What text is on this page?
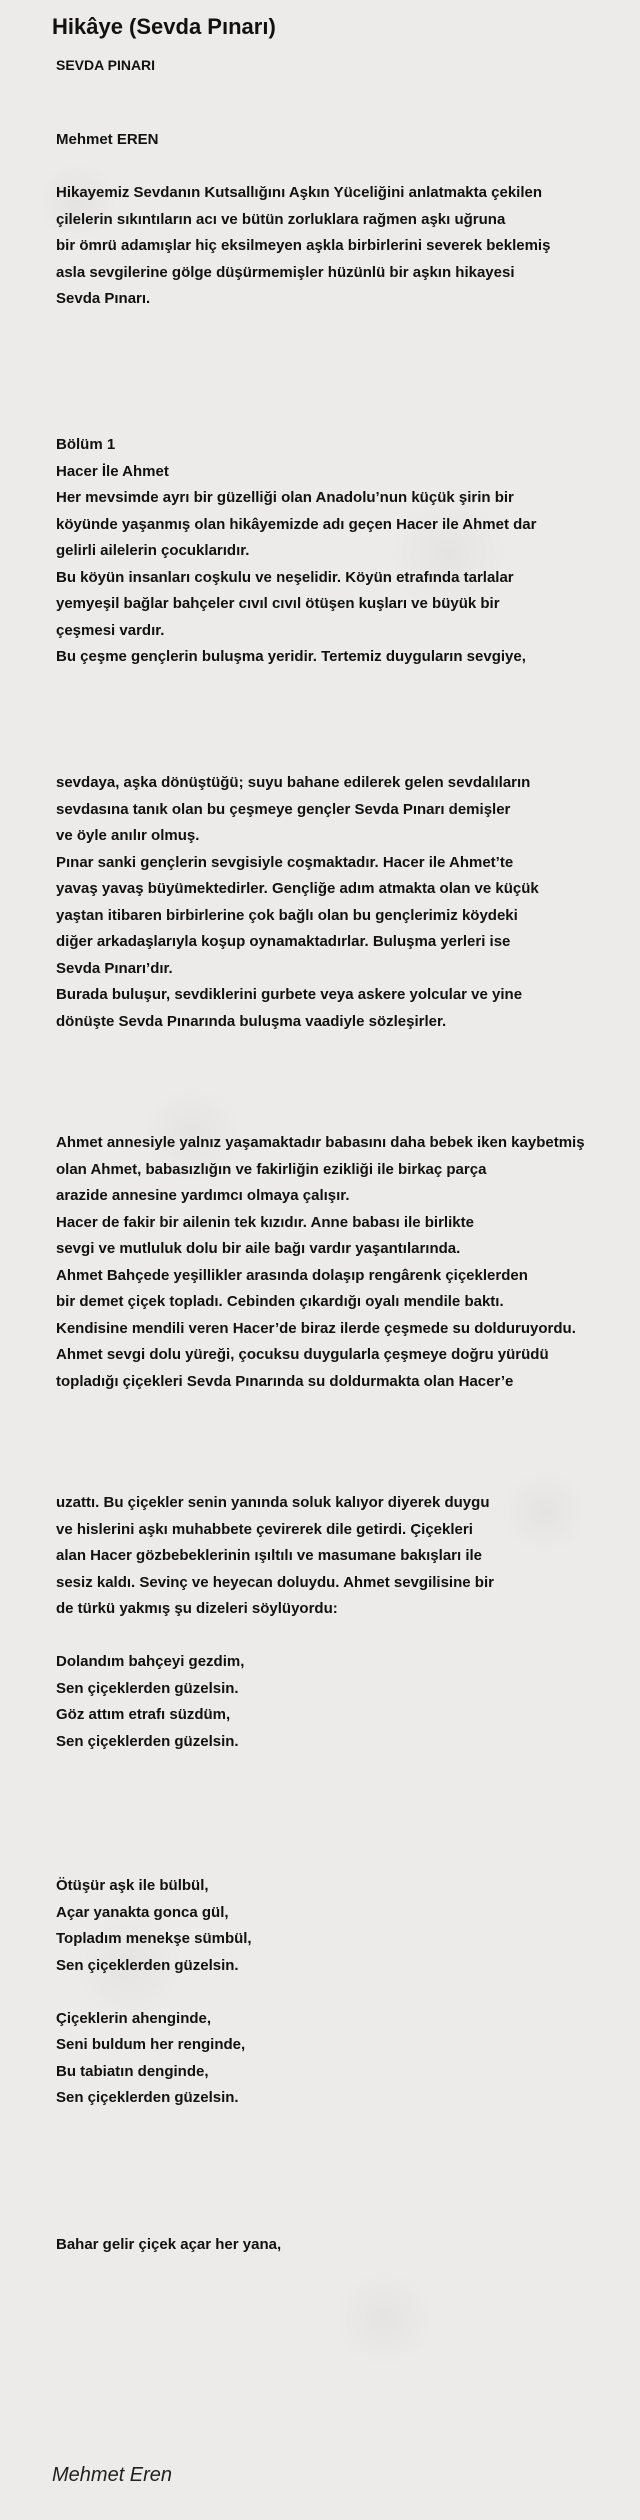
Hikâye (Sevda Pınarı)
SEVDA PINARI
Mehmet EREN
Hikayemiz Sevdanın Kutsallığını Aşkın Yüceliğini anlatmakta çekilen
çilelerin sıkıntıların acı ve bütün zorluklara rağmen aşkı uğruna
bir ömrü adamışlar hiç eksilmeyen aşkla birbirlerini severek beklemiş
asla sevgilerine gölge düşürmemişler hüzünlü bir aşkın hikayesi
Sevda Pınarı.
Bölüm 1
Hacer İle Ahmet
Her mevsimde ayrı bir güzelliği olan Anadolu’nun küçük şirin bir
köyünde yaşanmış olan hikâyemizde adı geçen Hacer ile Ahmet dar
gelirli ailelerin çocuklarıdır.
Bu köyün insanları coşkulu ve neşelidir. Köyün etrafında tarlalar
yemyeşil bağlar bahçeler cıvıl cıvıl ötüşen kuşları ve büyük bir
çeşmesi vardır.
Bu çeşme gençlerin buluşma yeridir. Tertemiz duyguların sevgiye,
sevdaya, aşka dönüştüğü; suyu bahane edilerek gelen sevdalıların
sevdasına tanık olan bu çeşmeye gençler Sevda Pınarı demişler
ve öyle anılır olmuş.
Pınar sanki gençlerin sevgisiyle coşmaktadır. Hacer ile Ahmet’te
yavaş yavaş büyümektedirler. Gençliğe adım atmakta olan ve küçük
yaştan itibaren birbirlerine çok bağlı olan bu gençlerimiz köydeki
diğer arkadaşlarıyla koşup oynamaktadırlar. Buluşma yerleri ise
Sevda Pınarı’dır.
Burada buluşur, sevdiklerini gurbete veya askere yolcular ve yine
dönüşte Sevda Pınarında buluşma vaadiyle sözleşirler.
Ahmet annesiyle yalnız yaşamaktadır babasını daha bebek iken kaybetmiş
olan Ahmet, babasızlığın ve fakirliğin ezikliği ile birkaç parça
arazide annesine yardımcı olmaya çalışır.
Hacer de fakir bir ailenin tek kızıdır. Anne babası ile birlikte
sevgi ve mutluluk dolu bir aile bağı vardır yaşantılarında.
Ahmet Bahçede yeşillikler arasında dolaşıp rengârenk çiçeklerden
bir demet çiçek topladı. Cebinden çıkardığı oyalı mendile baktı.
Kendisine mendili veren Hacer’de biraz ilerde çeşmede su dolduruyordu.
Ahmet sevgi dolu yüreği, çocuksu duygularla çeşmeye doğru yürüdü
topladığı çiçekleri Sevda Pınarında su doldurmakta olan Hacer’e
uzattı. Bu çiçekler senin yanında soluk kalıyor diyerek duygu
ve hislerini aşkı muhabbete çevirerek dile getirdi. Çiçekleri
alan Hacer gözbebeklerinin ışıltılı ve masumane bakışları ile
sesiz kaldı. Sevinç ve heyecan doluydu. Ahmet sevgilisine bir
de türkü yakmış şu dizeleri söylüyordu:
Dolandım bahçeyi gezdim,
Sen çiçeklerden güzelsin.
Göz attım etrafı süzdüm,
Sen çiçeklerden güzelsin.
Ötüşür aşk ile bülbül,
Açar yanakta gonca gül,
Topladım menekşe sümbül,
Sen çiçeklerden güzelsin.
Çiçeklerin ahenginde,
Seni buldum her renginde,
Bu tabiatın denginde,
Sen çiçeklerden güzelsin.
Bahar gelir çiçek açar her yana,
Mehmet Eren
